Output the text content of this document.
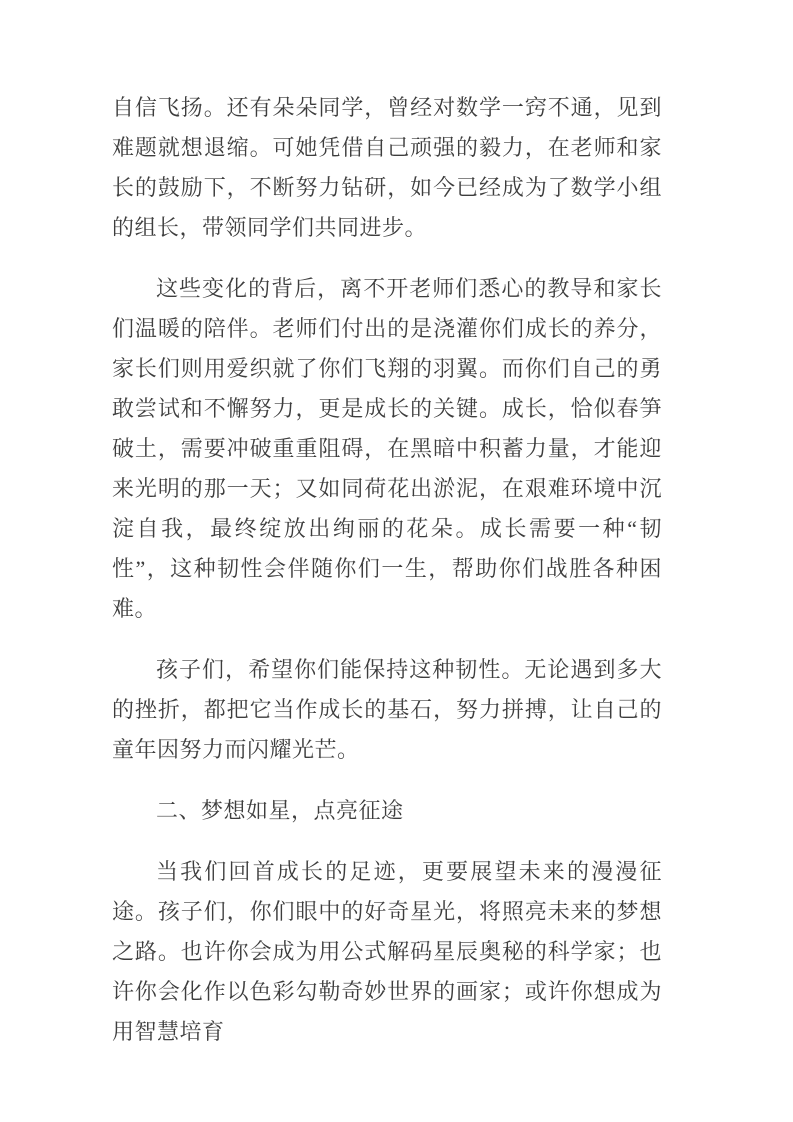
自信飞扬。还有朵朵同学，曾经对数学一窍不通，见到难题就想退缩。可她凭借自己顽强的毅力，在老师和家长的鼓励下，不断努力钻研，如今已经成为了数学小组的组长，带领同学们共同进步。

这些变化的背后，离不开老师们悉心的教导和家长们温暖的陪伴。老师们付出的是浇灌你们成长的养分，家长们则用爱织就了你们飞翔的羽翼。而你们自己的勇敢尝试和不懈努力，更是成长的关键。成长，恰似春笋破土，需要冲破重重阻碍，在黑暗中积蓄力量，才能迎来光明的那一天；又如同荷花出淤泥，在艰难环境中沉淀自我，最终绽放出绚丽的花朵。成长需要一种“韧性”，这种韧性会伴随你们一生，帮助你们战胜各种困难。

孩子们，希望你们能保持这种韧性。无论遇到多大的挫折，都把它当作成长的基石，努力拼搏，让自己的童年因努力而闪耀光芒。

二、梦想如星，点亮征途

当我们回首成长的足迹，更要展望未来的漫漫征途。孩子们，你们眼中的好奇星光，将照亮未来的梦想之路。也许你会成为用公式解码星辰奥秘的科学家；也许你会化作以色彩勾勒奇妙世界的画家；或许你想成为用智慧培育
